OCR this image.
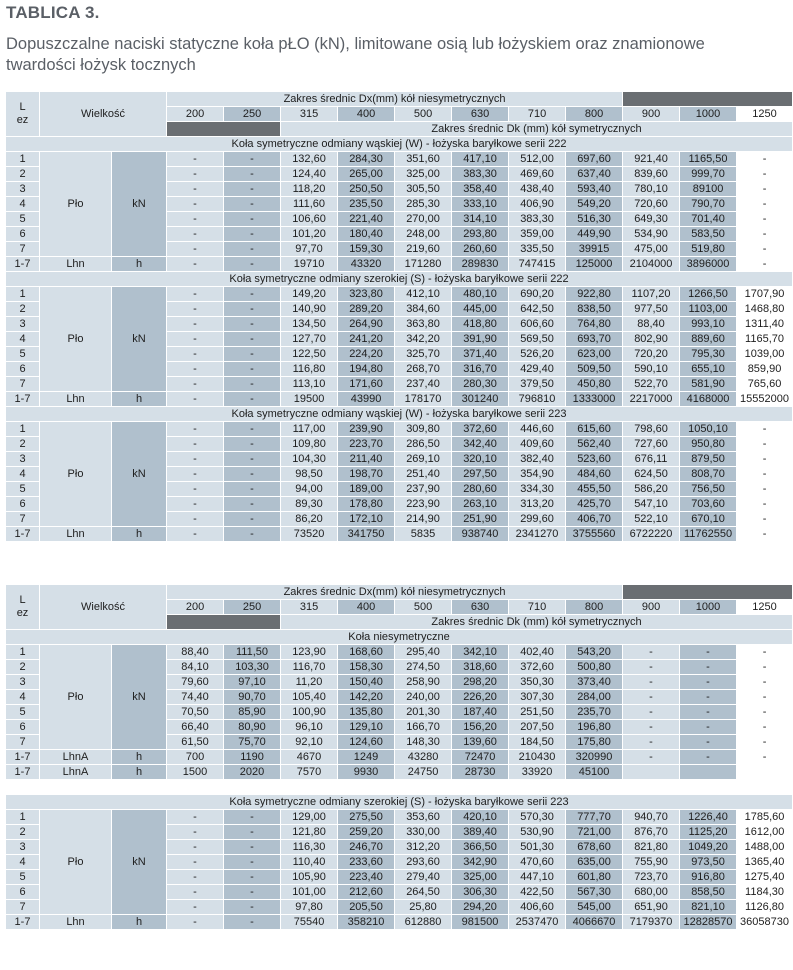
TABLICA 3.
Dopuszczalne naciski statyczne koła pŁO (kN), limitowane osią lub łożyskiem oraz znamionowe
twardości łożysk tocznych
L
ez	Wielkość		Zakres średnic Dx(mm) kół niesymetrycznych										
			200	250	315	400	500	630	710	800	900	1000	1250
					Zakres średnic Dk (mm) kół symetrycznych								
Koła symetryczne odmiany wąskiej (W) - łożyska baryłkowe serii 222													
1	Pło	kN	-	-	132,60	284,30	351,60	417,10	512,00	697,60	921,40	1165,50	-
2			-	-	124,40	265,00	325,00	383,30	469,60	637,40	839,60	999,70	-
3			-	-	118,20	250,50	305,50	358,40	438,40	593,40	780,10	89100	-
4			-	-	111,60	235,50	285,30	333,10	406,90	549,20	720,60	790,70	-
5			-	-	106,60	221,40	270,00	314,10	383,30	516,30	649,30	701,40	-
6			-	-	101,20	180,40	248,00	293,80	359,00	449,90	534,90	583,50	-
7			-	-	97,70	159,30	219,60	260,60	335,50	39915	475,00	519,80	-
1-7	Lhn	h	-	-	19710	43320	171280	289830	747415	125000	2104000	3896000	-
Koła symetryczne odmiany szerokiej (S) - łożyska baryłkowe serii 222													
1	Pło	kN	-	-	149,20	323,80	412,10	480,10	690,20	922,80	1107,20	1266,50	1707,90
2			-	-	140,90	289,20	384,60	445,00	642,50	838,50	977,50	1103,00	1468,80
3			-	-	134,50	264,90	363,80	418,80	606,60	764,80	88,40	993,10	1311,40
4			-	-	127,70	241,20	342,20	391,90	569,50	693,70	802,90	889,60	1165,70
5			-	-	122,50	224,20	325,70	371,40	526,20	623,00	720,20	795,30	1039,00
6			-	-	116,80	194,80	268,70	316,70	429,40	509,50	590,10	655,10	859,90
7			-	-	113,10	171,60	237,40	280,30	379,50	450,80	522,70	581,90	765,60
1-7	Lhn	h	-	-	19500	43990	178170	301240	796810	1333000	2217000	4168000	15552000
Koła symetryczne odmiany wąskiej (W) - łożyska baryłkowe serii 223													
1	Pło	kN	-	-	117,00	239,90	309,80	372,60	446,60	615,60	798,60	1050,10	-
2			-	-	109,80	223,70	286,50	342,40	409,60	562,40	727,60	950,80	-
3			-	-	104,30	211,40	269,10	320,10	382,40	523,60	676,11	879,50	-
4			-	-	98,50	198,70	251,40	297,50	354,90	484,60	624,50	808,70	-
5			-	-	94,00	189,00	237,90	280,60	334,30	455,50	586,20	756,50	-
6			-	-	89,30	178,80	223,90	263,10	313,20	425,70	547,10	703,60	-
7			-	-	86,20	172,10	214,90	251,90	299,60	406,70	522,10	670,10	-
1-7	Lhn	h	-	-	73520	341750	5835	938740	2341270	3755560	6722220	11762550	-
L
ez	Wielkość		Zakres średnic Dx(mm) kół niesymetrycznych										
			200	250	315	400	500	630	710	800	900	1000	1250
					Zakres średnic Dk (mm) kół symetrycznych								
Koła niesymetryczne													
1	Pło	kN	88,40	111,50	123,90	168,60	295,40	342,10	402,40	543,20	-	-	-
2			84,10	103,30	116,70	158,30	274,50	318,60	372,60	500,80	-	-	-
3			79,60	97,10	11,20	150,40	258,90	298,20	350,30	373,40	-	-	-
4			74,40	90,70	105,40	142,20	240,00	226,20	307,30	284,00	-	-	-
5			70,50	85,90	100,90	135,80	201,30	187,40	251,50	235,70	-	-	-
6			66,40	80,90	96,10	129,10	166,70	156,20	207,50	196,80	-	-	-
7			61,50	75,70	92,10	124,60	148,30	139,60	184,50	175,80	-	-	-
1-7	LhnA	h	700	1190	4670	1249	43280	72470	210430	320990	-	-	-
1-7	LhnA	h	1500	2020	7570	9930	24750	28730	33920	45100			

Koła symetryczne odmiany szerokiej (S) - łożyska baryłkowe serii 223													
1	Pło	kN	-	-	129,00	275,50	353,60	420,10	570,30	777,70	940,70	1226,40	1785,60
2			-	-	121,80	259,20	330,00	389,40	530,90	721,00	876,70	1125,20	1612,00
3			-	-	116,30	246,70	312,20	366,50	501,30	678,60	821,80	1049,20	1488,00
4			-	-	110,40	233,60	293,60	342,90	470,60	635,00	755,90	973,50	1365,40
5			-	-	105,90	223,40	279,40	325,00	447,10	601,80	723,70	916,80	1275,40
6			-	-	101,00	212,60	264,50	306,30	422,50	567,30	680,00	858,50	1184,30
7			-	-	97,80	205,50	25,80	294,20	406,60	545,00	651,90	821,10	1126,80
1-7	Lhn	h	-	-	75540	358210	612880	981500	2537470	4066670	7179370	12828570	36058730
